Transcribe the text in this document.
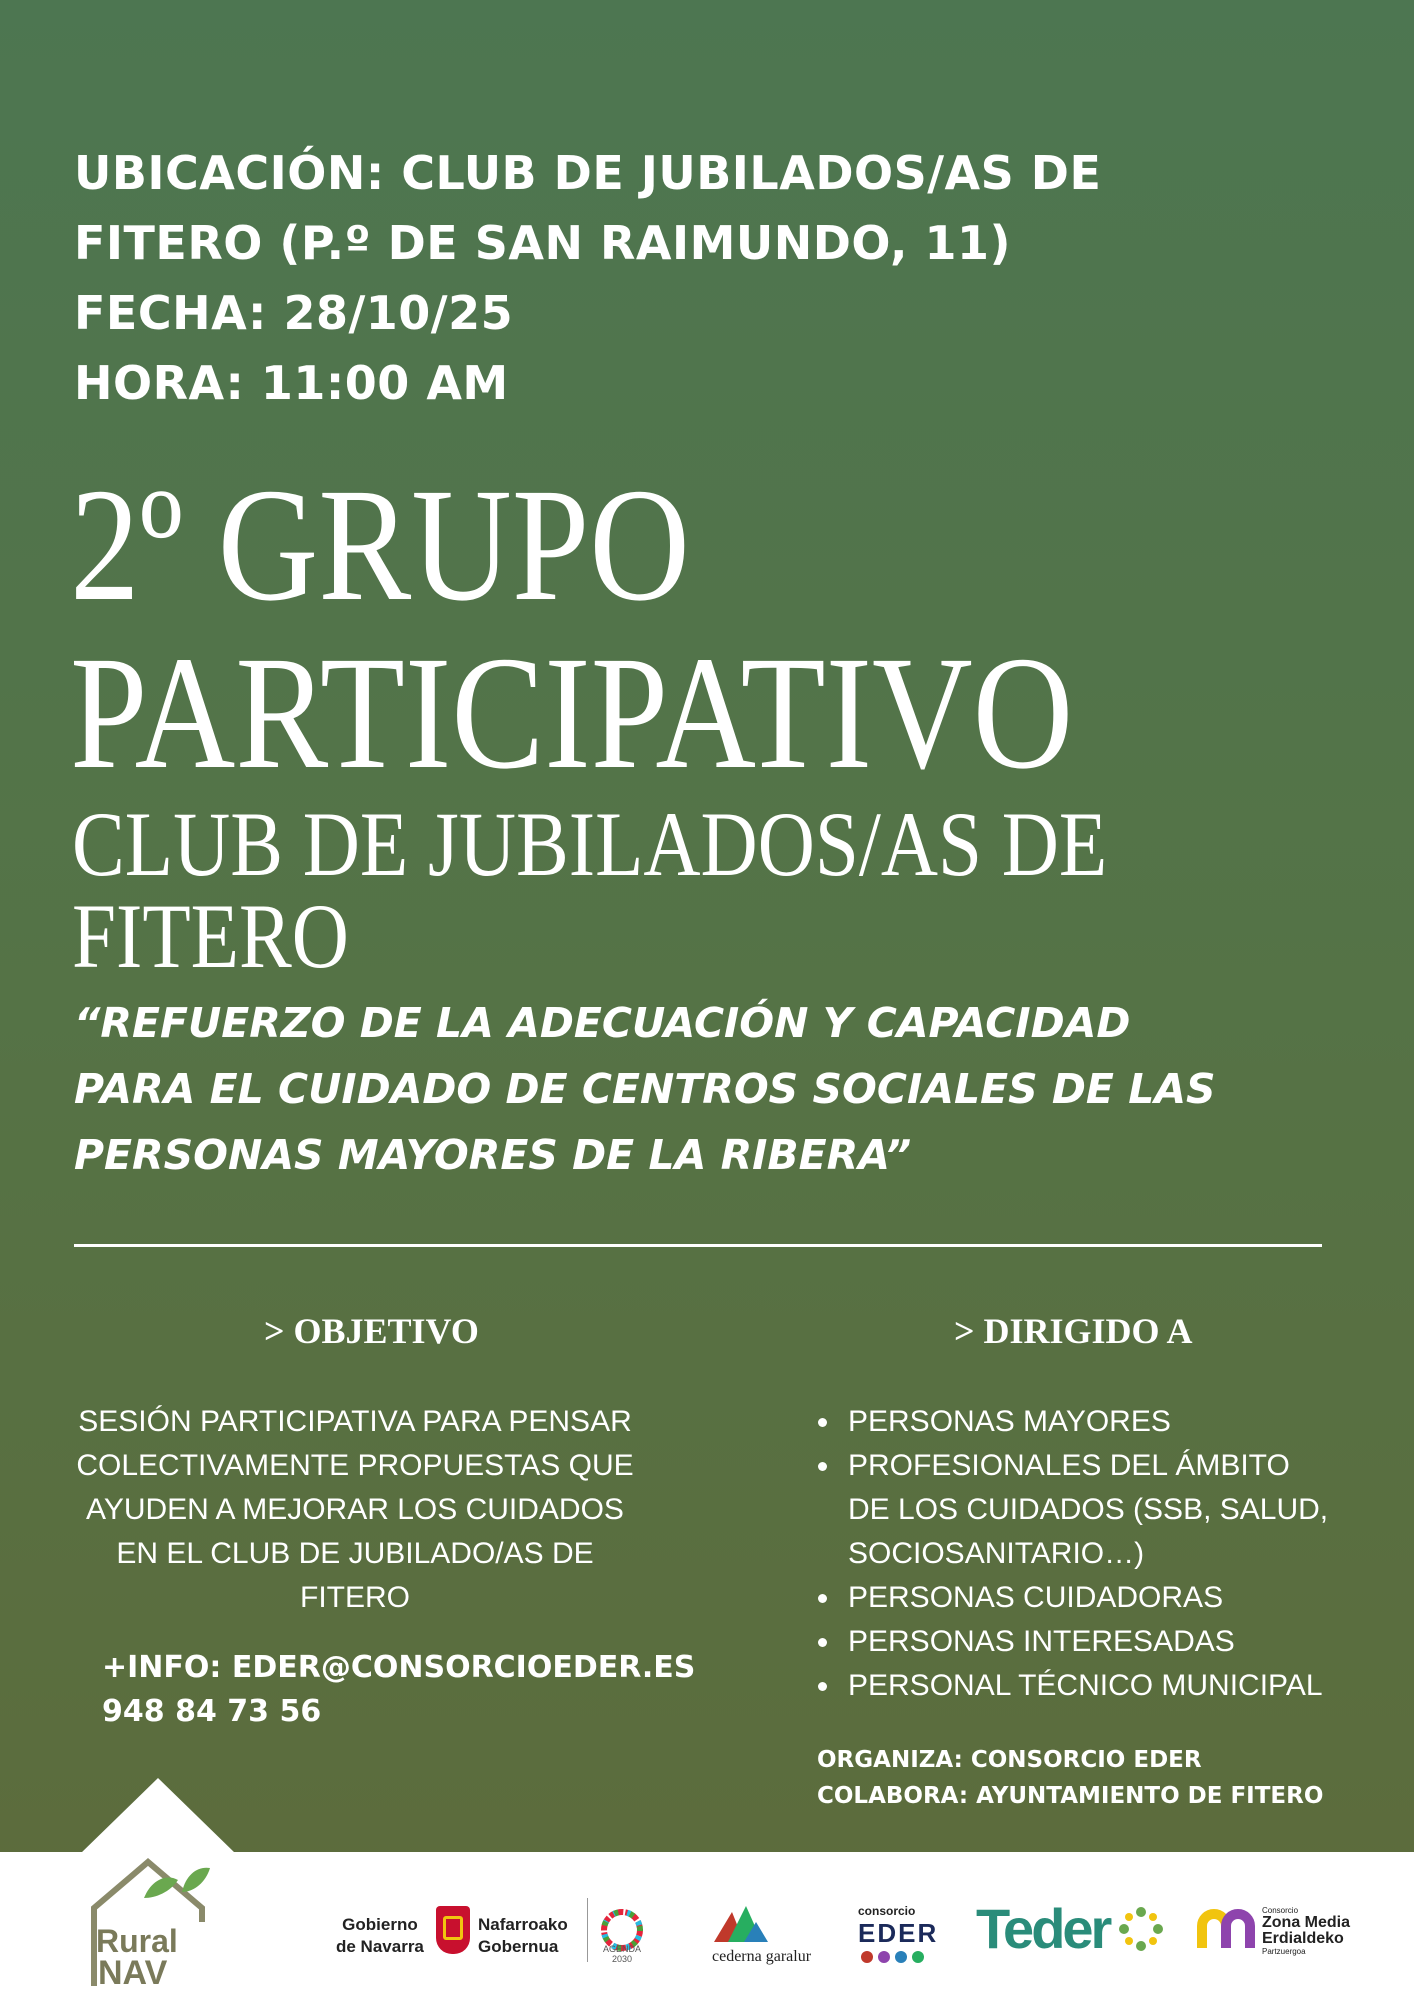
UBICACIÓN: CLUB DE JUBILADOS/AS DE
FITERO (P.º DE SAN RAIMUNDO, 11)
FECHA: 28/10/25
HORA: 11:00 AM
2º GRUPO
PARTICIPATIVO
CLUB DE JUBILADOS/AS DE
FITERO
“REFUERZO DE LA ADECUACIÓN Y CAPACIDAD
PARA EL CUIDADO DE CENTROS SOCIALES DE LAS
PERSONAS MAYORES DE LA RIBERA”
> OBJETIVO	> DIRIGIDO A
SESIÓN PARTICIPATIVA PARA PENSAR
COLECTIVAMENTE PROPUESTAS QUE
AYUDEN A MEJORAR LOS CUIDADOS
EN EL CLUB DE JUBILADO/AS DE
FITERO
+INFO: EDER@CONSORCIOEDER.ES
948 84 73 56
PERSONAS MAYORES
PROFESIONALES DEL ÁMBITO
DE LOS CUIDADOS (SSB, SALUD,
SOCIOSANITARIO…)
PERSONAS CUIDADORAS
PERSONAS INTERESADAS
PERSONAL TÉCNICO MUNICIPAL
ORGANIZA: CONSORCIO EDER
COLABORA: AYUNTAMIENTO DE FITERO
Rural
NAV
Gobierno
de Navarra
Nafarroako
Gobernua	AGENDA
2030	cederna garalur
consorcio
EDER Teder	Consorcio
Zona Media
Erdialdeko
Partzuergoa
